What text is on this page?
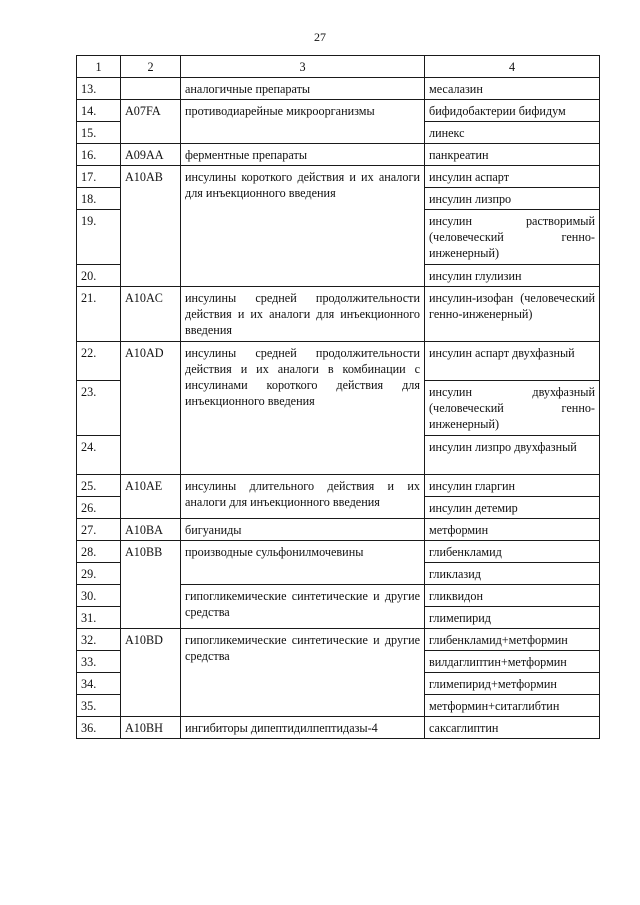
27
1	2	3	4
13.		аналогичные препараты	месалазин
14.	A07FA	противодиарейные микроорганизмы	бифидобактерии бифидум
15.			линекс
16.	A09AA	ферментные препараты	панкреатин
17.	A10AB	инсулины короткого действия и их аналоги для инъекционного введения	инсулин аспарт
18.			инсулин лизпро
19.			инсулин растворимый (человеческий генно-инженерный)
20.			инсулин глулизин
21.	A10AC	инсулины средней продолжительности действия и их аналоги для инъекционного введения	инсулин-изофан (человеческий генно-инженерный)
22.	A10AD	инсулины средней продолжительности действия и их аналоги в комбинации с инсулинами короткого действия для инъекционного введения	инсулин аспарт двухфазный
23.			инсулин двухфазный (человеческий генно-инженерный)
24.			инсулин лизпро двухфазный
25.	A10AE	инсулины длительного действия и их аналоги для инъекционного введения	инсулин гларгин
26.			инсулин детемир
27.	A10BA	бигуаниды	метформин
28.	A10BB	производные сульфонилмочевины	глибенкламид
29.			гликлазид
30.		гипогликемические синтетические и другие средства	гликвидон
31.			глимепирид
32.	A10BD	гипогликемические синтетические и другие средства	глибенкламид+метформин
33.			вилдаглиптин+метформин
34.			глимепирид+метформин
35.			метформин+ситаглибтин
36.	A10BH	ингибиторы дипептидилпептидазы-4	саксаглиптин
